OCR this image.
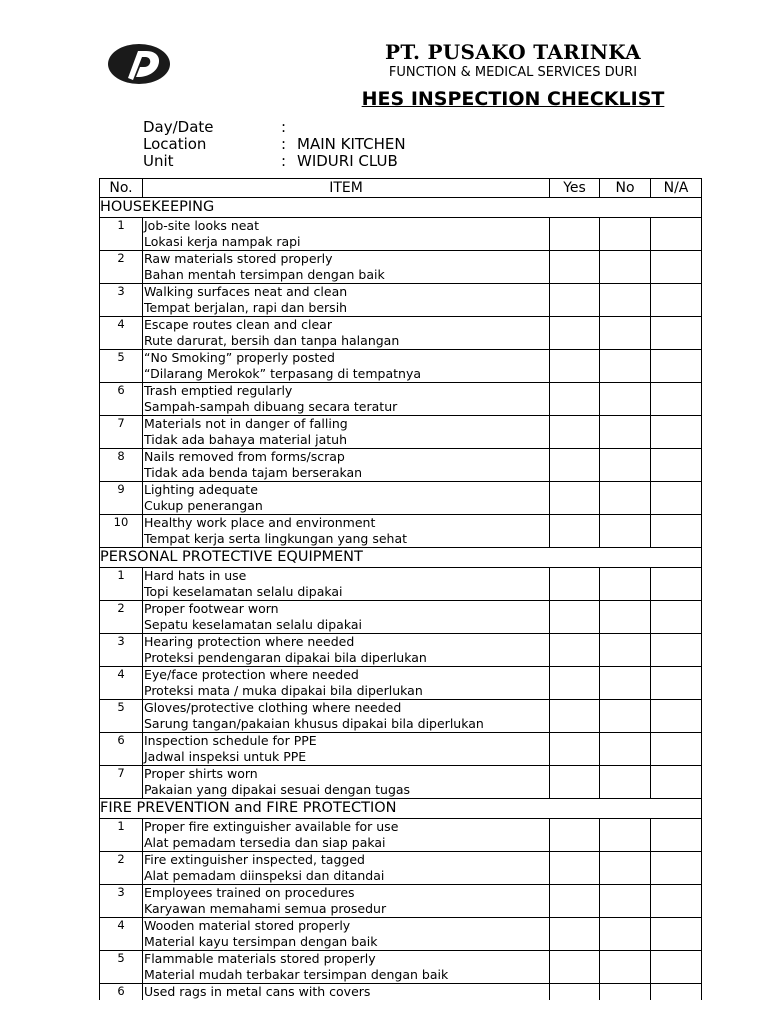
PT. PUSAKO TARINKA
FUNCTION & MEDICAL SERVICES DURI
HES INSPECTION CHECKLIST
Day/Date	:
Location	: MAIN KITCHEN
Unit	: WIDURI CLUB
No.	ITEM	Yes	No	N/A
HOUSEKEEPING				
1	Job-site looks neat
Lokasi kerja nampak rapi			

2	Raw materials stored properly
Bahan mentah tersimpan dengan baik			

3	Walking surfaces neat and clean
Tempat berjalan, rapi dan bersih			

4	Escape routes clean and clear
Rute darurat, bersih dan tanpa halangan			

5	“No Smoking” properly posted
“Dilarang Merokok” terpasang di tempatnya			

6	Trash emptied regularly
Sampah-sampah dibuang secara teratur			

7	Materials not in danger of falling
Tidak ada bahaya material jatuh			

8	Nails removed from forms/scrap
Tidak ada benda tajam berserakan			

9	Lighting adequate
Cukup penerangan			

10	Healthy work place and environment
Tempat kerja serta lingkungan yang sehat			

PERSONAL PROTECTIVE EQUIPMENT				
1	Hard hats in use
Topi keselamatan selalu dipakai			

2	Proper footwear worn
Sepatu keselamatan selalu dipakai			

3	Hearing protection where needed
Proteksi pendengaran dipakai bila diperlukan			

4	Eye/face protection where needed
Proteksi mata / muka dipakai bila diperlukan			

5	Gloves/protective clothing where needed
Sarung tangan/pakaian khusus dipakai bila diperlukan			

6	Inspection schedule for PPE
Jadwal inspeksi untuk PPE			

7	Proper shirts worn
Pakaian yang dipakai sesuai dengan tugas			

FIRE PREVENTION and FIRE PROTECTION				
1	Proper fire extinguisher available for use
Alat pemadam tersedia dan siap pakai			

2	Fire extinguisher inspected, tagged
Alat pemadam diinspeksi dan ditandai			

3	Employees trained on procedures
Karyawan memahami semua prosedur			

4	Wooden material stored properly
Material kayu tersimpan dengan baik			

5	Flammable materials stored properly
Material mudah terbakar tersimpan dengan baik			

6	Used rags in metal cans with covers			
